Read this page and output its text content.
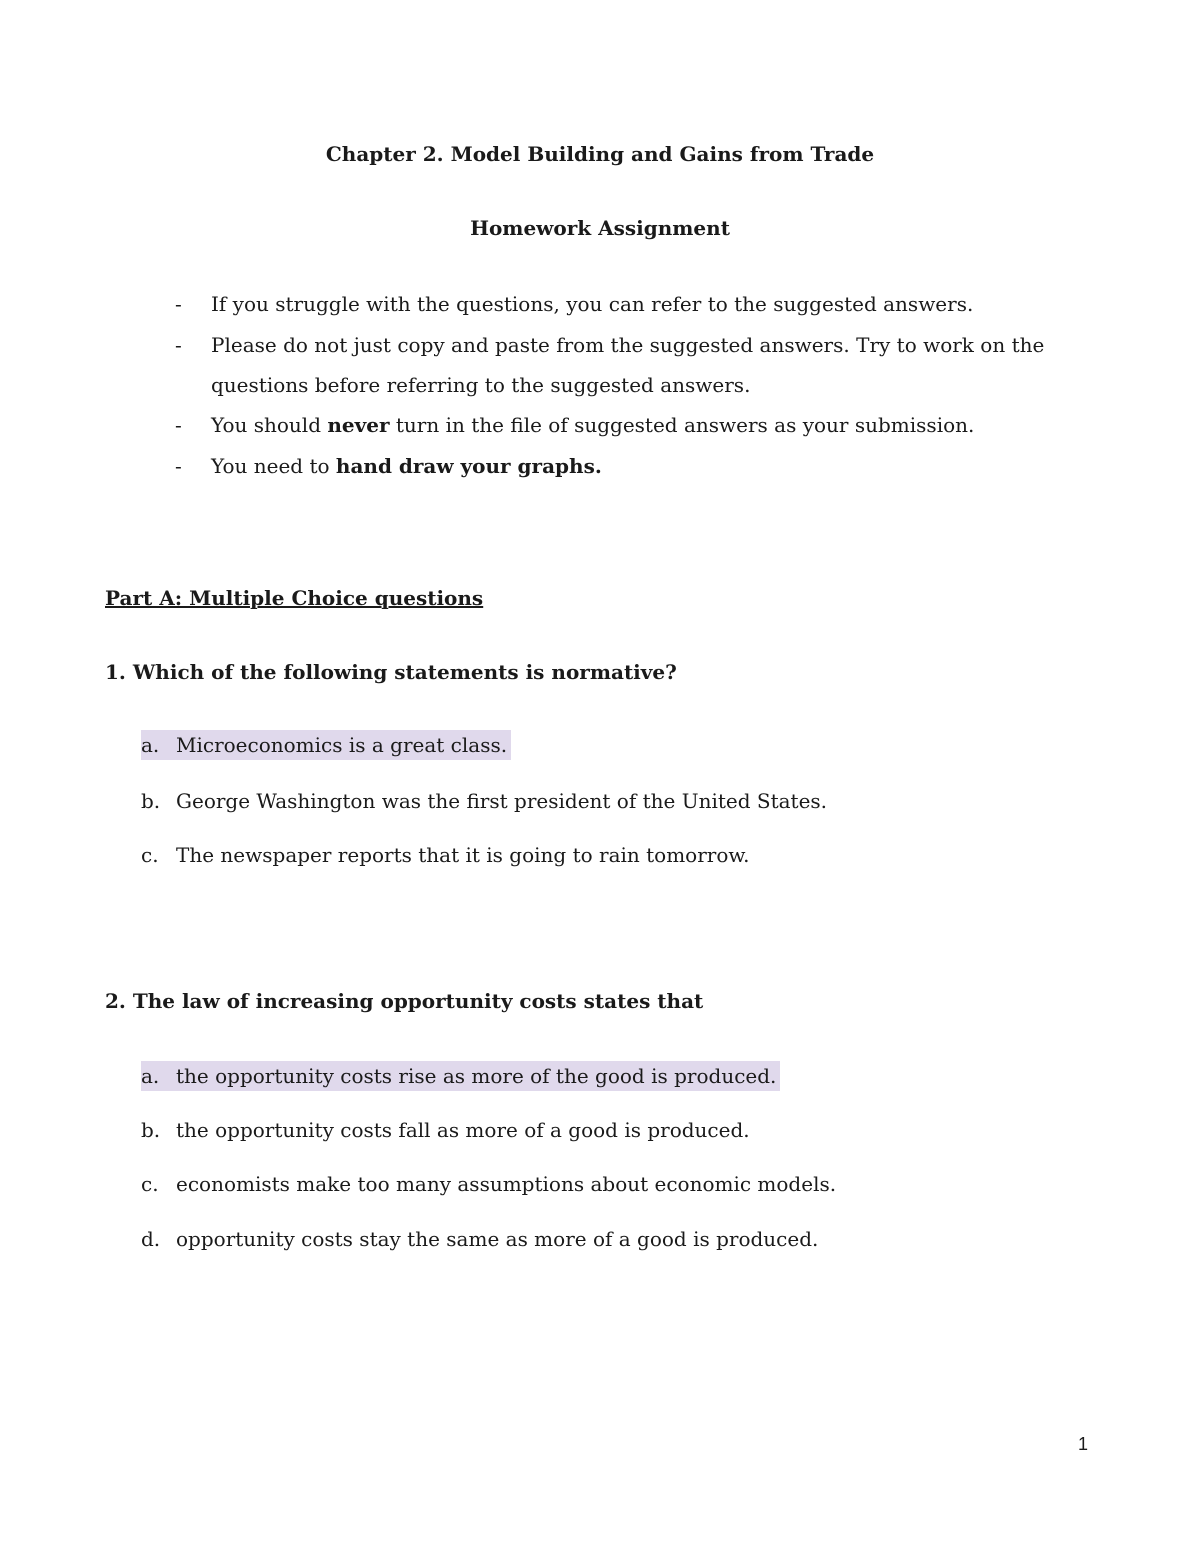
Chapter 2. Model Building and Gains from Trade
Homework Assignment
- If you struggle with the questions, you can refer to the suggested answers.
- Please do not just copy and paste from the suggested answers. Try to work on the questions before referring to the suggested answers.
- You should never turn in the file of suggested answers as your submission.
- You need to hand draw your graphs.
Part A: Multiple Choice questions
1. Which of the following statements is normative?
a. Microeconomics is a great class.
b. George Washington was the first president of the United States.
c. The newspaper reports that it is going to rain tomorrow.
2. The law of increasing opportunity costs states that
a. the opportunity costs rise as more of the good is produced.
b. the opportunity costs fall as more of a good is produced.
c. economists make too many assumptions about economic models.
d. opportunity costs stay the same as more of a good is produced.
1
